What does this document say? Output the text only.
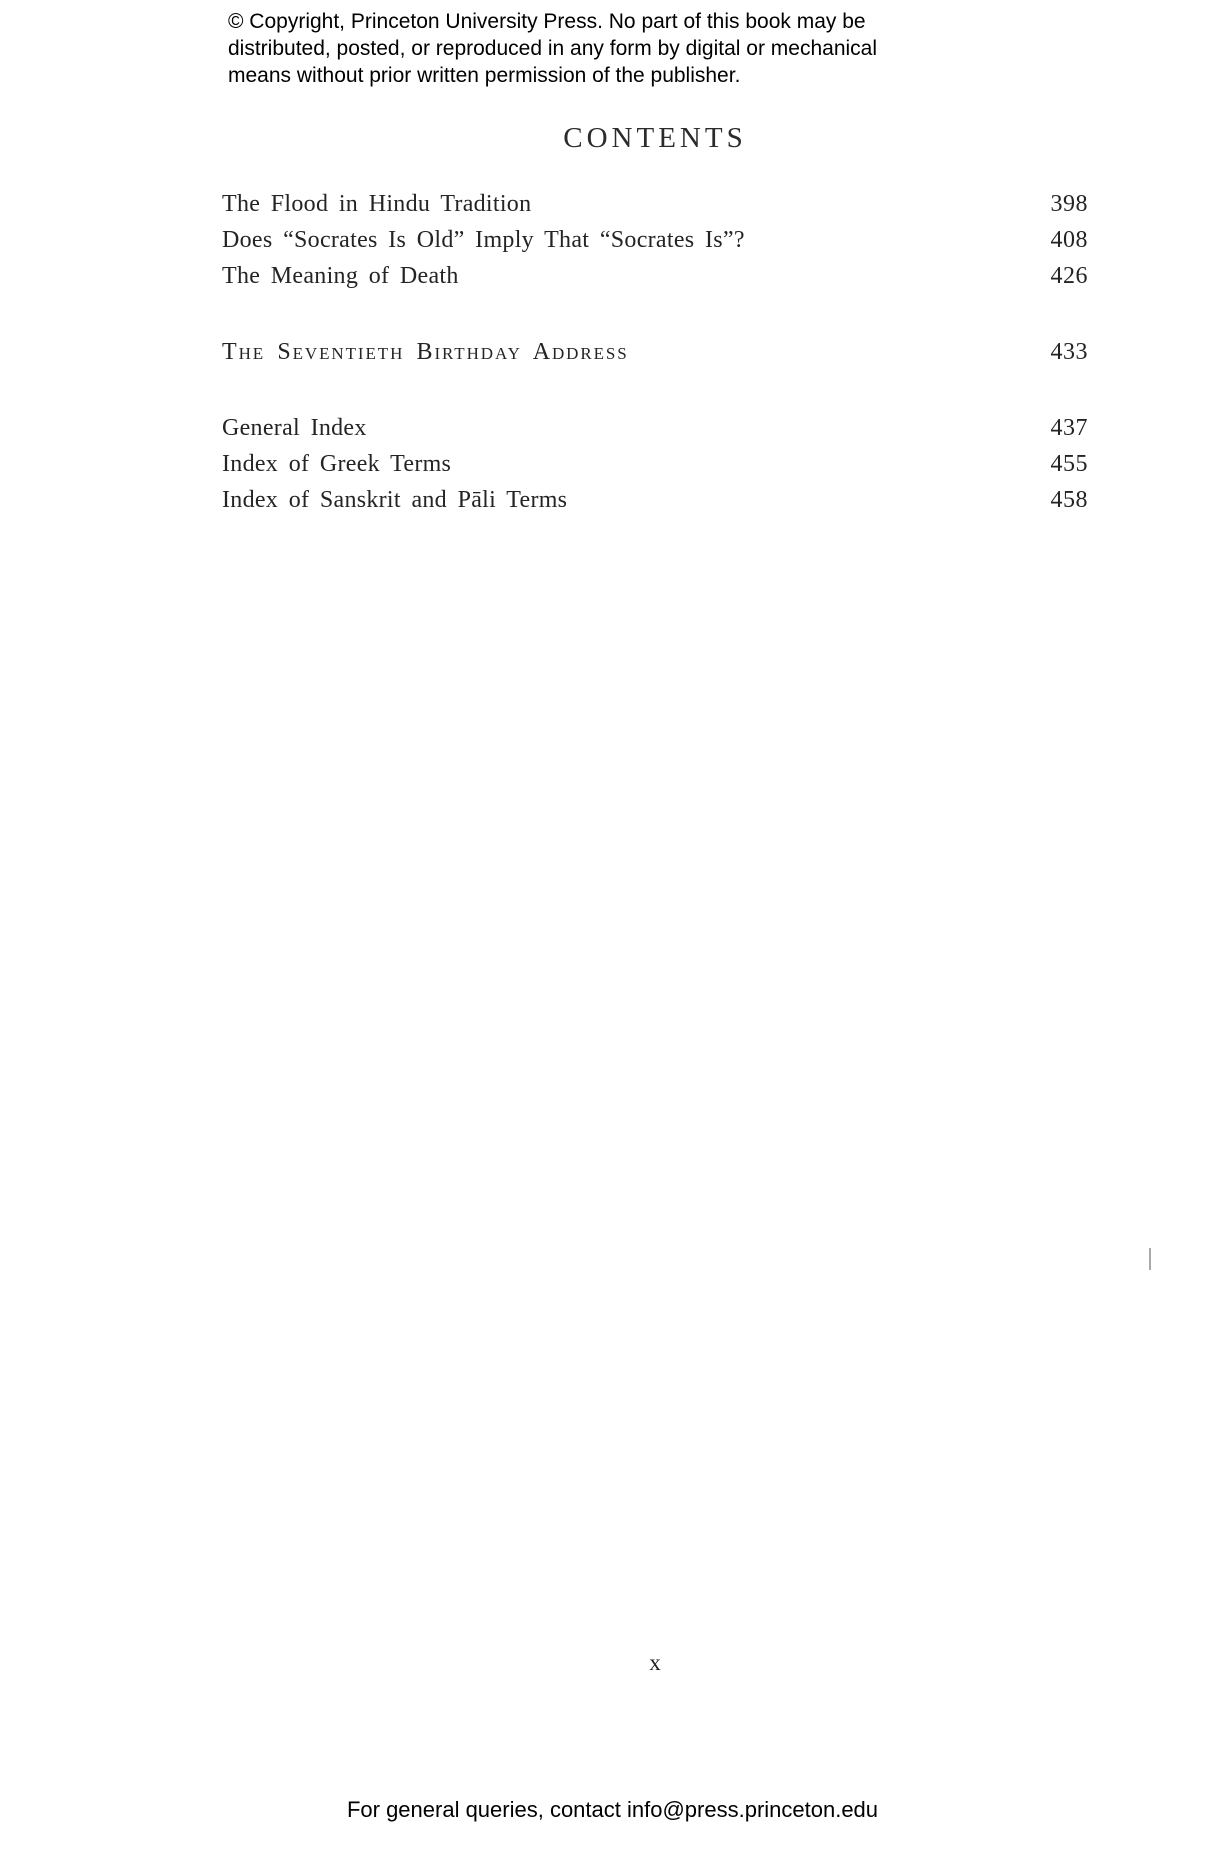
© Copyright, Princeton University Press. No part of this book may be
distributed, posted, or reproduced in any form by digital or mechanical
means without prior written permission of the publisher.
CONTENTS
The Flood in Hindu Tradition	398
Does “Socrates Is Old” Imply That “Socrates Is”?	408
The Meaning of Death	426
The Seventieth Birthday Address	433
General Index	437
Index of Greek Terms	455
Index of Sanskrit and Pāli Terms	458
x
For general queries, contact info@press.princeton.edu
